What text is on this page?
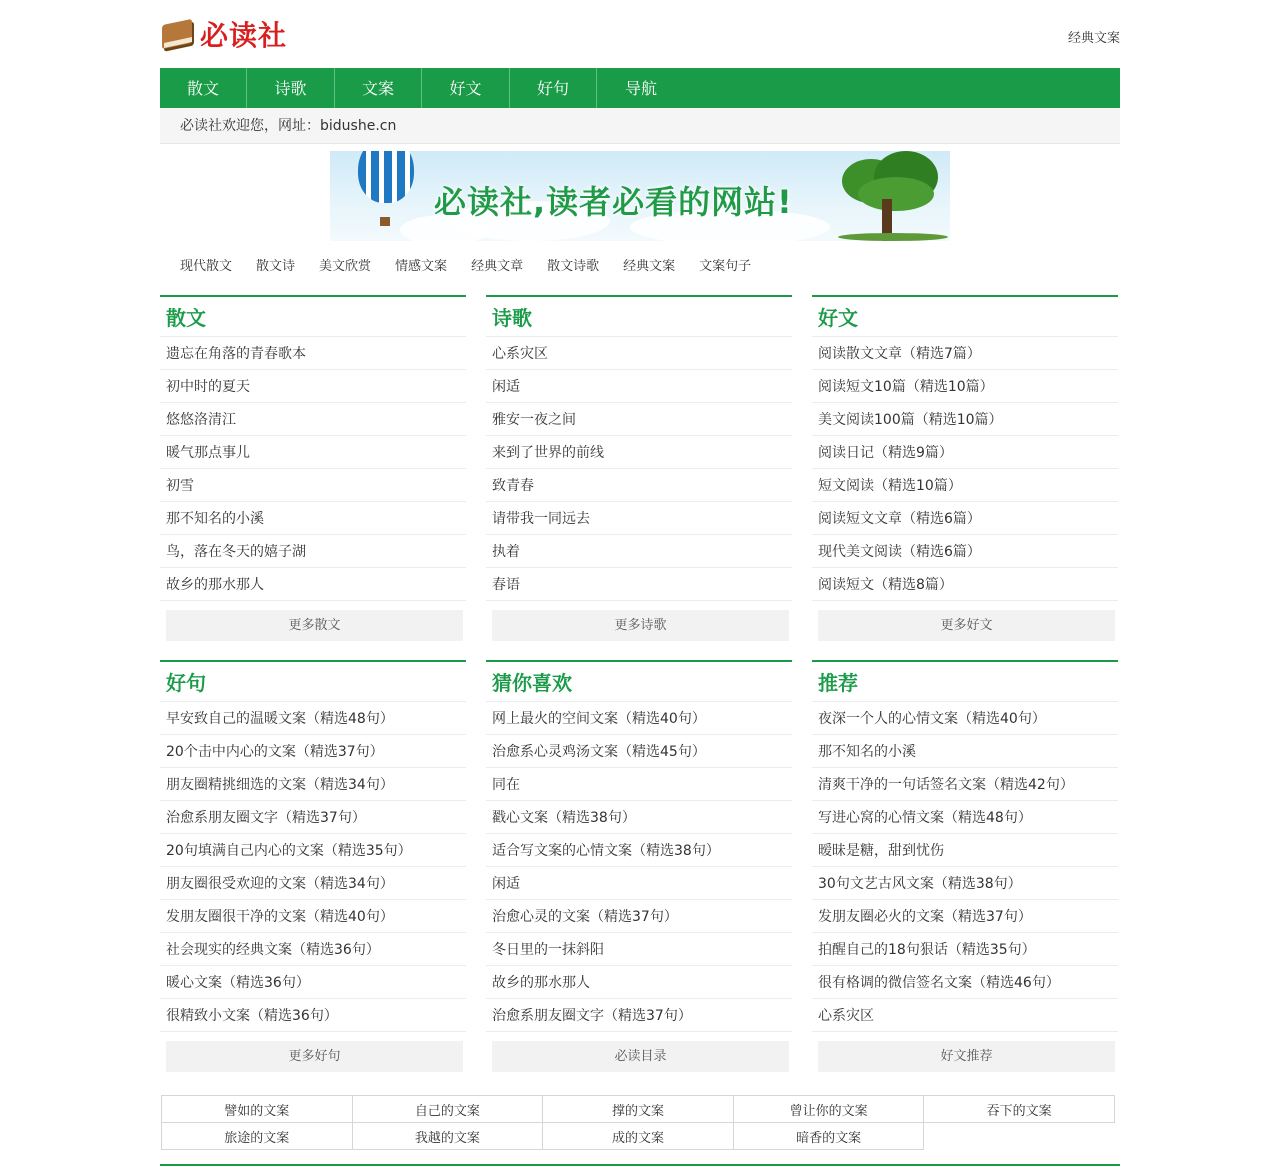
必读社	经典文案
散文	诗歌	文案	好文	好句	导航
必读社欢迎您，网址：bidushe.cn
必读社,读者必看的网站!
现代散文 散文诗 美文欣赏 情感文案 经典文章 散文诗歌 经典文案 文案句子
散文
遗忘在角落的青春歌本
初中时的夏天
悠悠洛清江
暖气那点事儿
初雪
那不知名的小溪
鸟，落在冬天的嬉子湖
故乡的那水那人
更多散文
诗歌
心系灾区
闲适
雅安一夜之间
来到了世界的前线
致青春
请带我一同远去
执着
春语
更多诗歌
好文
阅读散文文章（精选7篇）
阅读短文10篇（精选10篇）
美文阅读100篇（精选10篇）
阅读日记（精选9篇）
短文阅读（精选10篇）
阅读短文文章（精选6篇）
现代美文阅读（精选6篇）
阅读短文（精选8篇）
更多好文
好句
早安致自己的温暖文案（精选48句）
20个击中内心的文案（精选37句）
朋友圈精挑细选的文案（精选34句）
治愈系朋友圈文字（精选37句）
20句填满自己内心的文案（精选35句）
朋友圈很受欢迎的文案（精选34句）
发朋友圈很干净的文案（精选40句）
社会现实的经典文案（精选36句）
暖心文案（精选36句）
很精致小文案（精选36句）
更多好句
猜你喜欢
网上最火的空间文案（精选40句）
治愈系心灵鸡汤文案（精选45句）
同在
戳心文案（精选38句）
适合写文案的心情文案（精选38句）
闲适
治愈心灵的文案（精选37句）
冬日里的一抹斜阳
故乡的那水那人
治愈系朋友圈文字（精选37句）
必读目录
推荐
夜深一个人的心情文案（精选40句）
那不知名的小溪
清爽干净的一句话签名文案（精选42句）
写进心窝的心情文案（精选48句）
暧昧是糖，甜到忧伤
30句文艺古风文案（精选38句）
发朋友圈必火的文案（精选37句）
拍醒自己的18句狠话（精选35句）
很有格调的微信签名文案（精选46句）
心系灾区
好文推荐
譬如的文案	自己的文案	撑的文案	曾让你的文案	吞下的文案
旅途的文案	我越的文案	成的文案	暗香的文案	
